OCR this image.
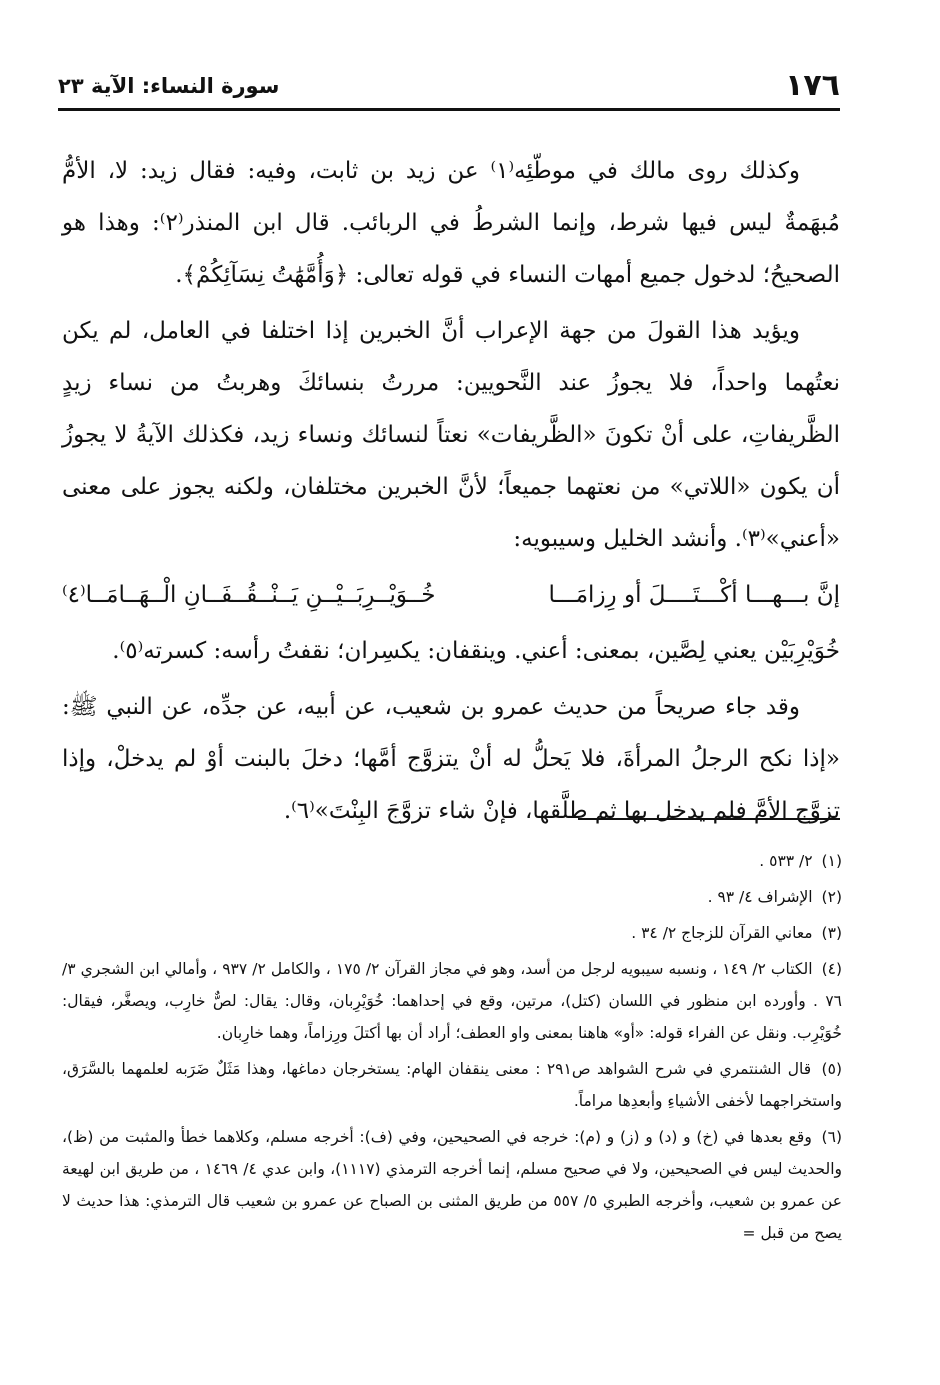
١٧٦
سورة النساء: الآية ٢٣

وكذلك روى مالك في موطّئِه⁽١⁾ عن زيد بن ثابت، وفيه: فقال زيد: لا، الأمُّ مُبهَمةٌ ليس فيها شرط، وإنما الشرطُ في الربائب. قال ابن المنذر⁽٢⁾: وهذا هو الصحيحُ؛ لدخول جميع أمهات النساء في قوله تعالى: ﴿وَأُمَّهَٰتُ نِسَآئِكُمْ﴾.

ويؤيد هذا القولَ من جهة الإعراب أنَّ الخبرين إذا اختلفا في العامل، لم يكن نعتُهما واحداً، فلا يجوزُ عند النَّحويين: مررتُ بنسائكَ وهربتُ من نساء زيدٍ الظَّريفاتِ، على أنْ تكونَ «الظَّريفات» نعتاً لنسائك ونساء زيد، فكذلك الآيةُ لا يجوزُ أن يكون «اللاتي» من نعتهما جميعاً؛ لأنَّ الخبرين مختلفان، ولكنه يجوز على معنى «أعني»⁽٣⁾. وأنشد الخليل وسيبويه:

إنَّ بـــهـــا أكْـــتَــــلَ أو رِزامَـــا
خُــوَيْــرِبَــيْــنِ يَــنْــقُــفَــانِ الْــهَــامَــا⁽٤⁾

خُوَيْرِبَيْن يعني لِصَّين، بمعنى: أعني. وينقفان: يكسِران؛ نقفتُ رأسه: كسرته⁽٥⁾.

وقد جاء صريحاً من حديث عمرو بن شعيب، عن أبيه، عن جدِّه، عن النبي ﷺ: «إذا نكح الرجلُ المرأةَ، فلا يَحلُّ له أنْ يتزوَّج أمَّها؛ دخلَ بالبنت أوْ لم يدخلْ، وإذا تزوَّج الأمَّ فلم يدخل بها ثم طلَّقها، فإنْ شاء تزوَّجَ البِنْتَ»⁽٦⁾.

(١) ٢/ ٥٣٣ .
(٢) الإشراف ٤/ ٩٣ .
(٣) معاني القرآن للزجاج ٢/ ٣٤ .
(٤) الكتاب ٢/ ١٤٩ ، ونسبه سيبويه لرجل من أسد، وهو في مجاز القرآن ٢/ ١٧٥ ، والكامل ٢/ ٩٣٧ ، وأمالي ابن الشجري ٣/ ٧٦ . وأورده ابن منظور في اللسان (كتل)، مرتين، وقع في إحداهما: خُوَيْرِبان، وقال: يقال: لصٌّ خارِب، ويصغَّر، فيقال: خُوَيْرِب. ونقل عن الفراء قوله: «أو» هاهنا بمعنى واو العطف؛ أراد أن بها أكتلَ ورِزاماً، وهما خارِبان.
(٥) قال الشنتمري في شرح الشواهد ص٢٩١ : معنى ينقفان الهام: يستخرجان دماغها، وهذا مَثَلٌ ضَرَبه لعلمهما بالسَّرَق، واستخراجهما لأخفى الأشياءِ وأبعدِها مراماً.
(٦) وقع بعدها في (خ) و (د) و (ز) و (م): خرجه في الصحيحين، وفي (ف): أخرجه مسلم، وكلاهما خطأ والمثبت من (ظ)، والحديث ليس في الصحيحين، ولا في صحيح مسلم، إنما أخرجه الترمذي (١١١٧)، وابن عدي ٤/ ١٤٦٩ ، من طريق ابن لهيعة عن عمرو بن شعيب، وأخرجه الطبري ٥/ ٥٥٧ من طريق المثنى بن الصباح عن عمرو بن شعيب قال الترمذي: هذا حديث لا يصح من قبل =
